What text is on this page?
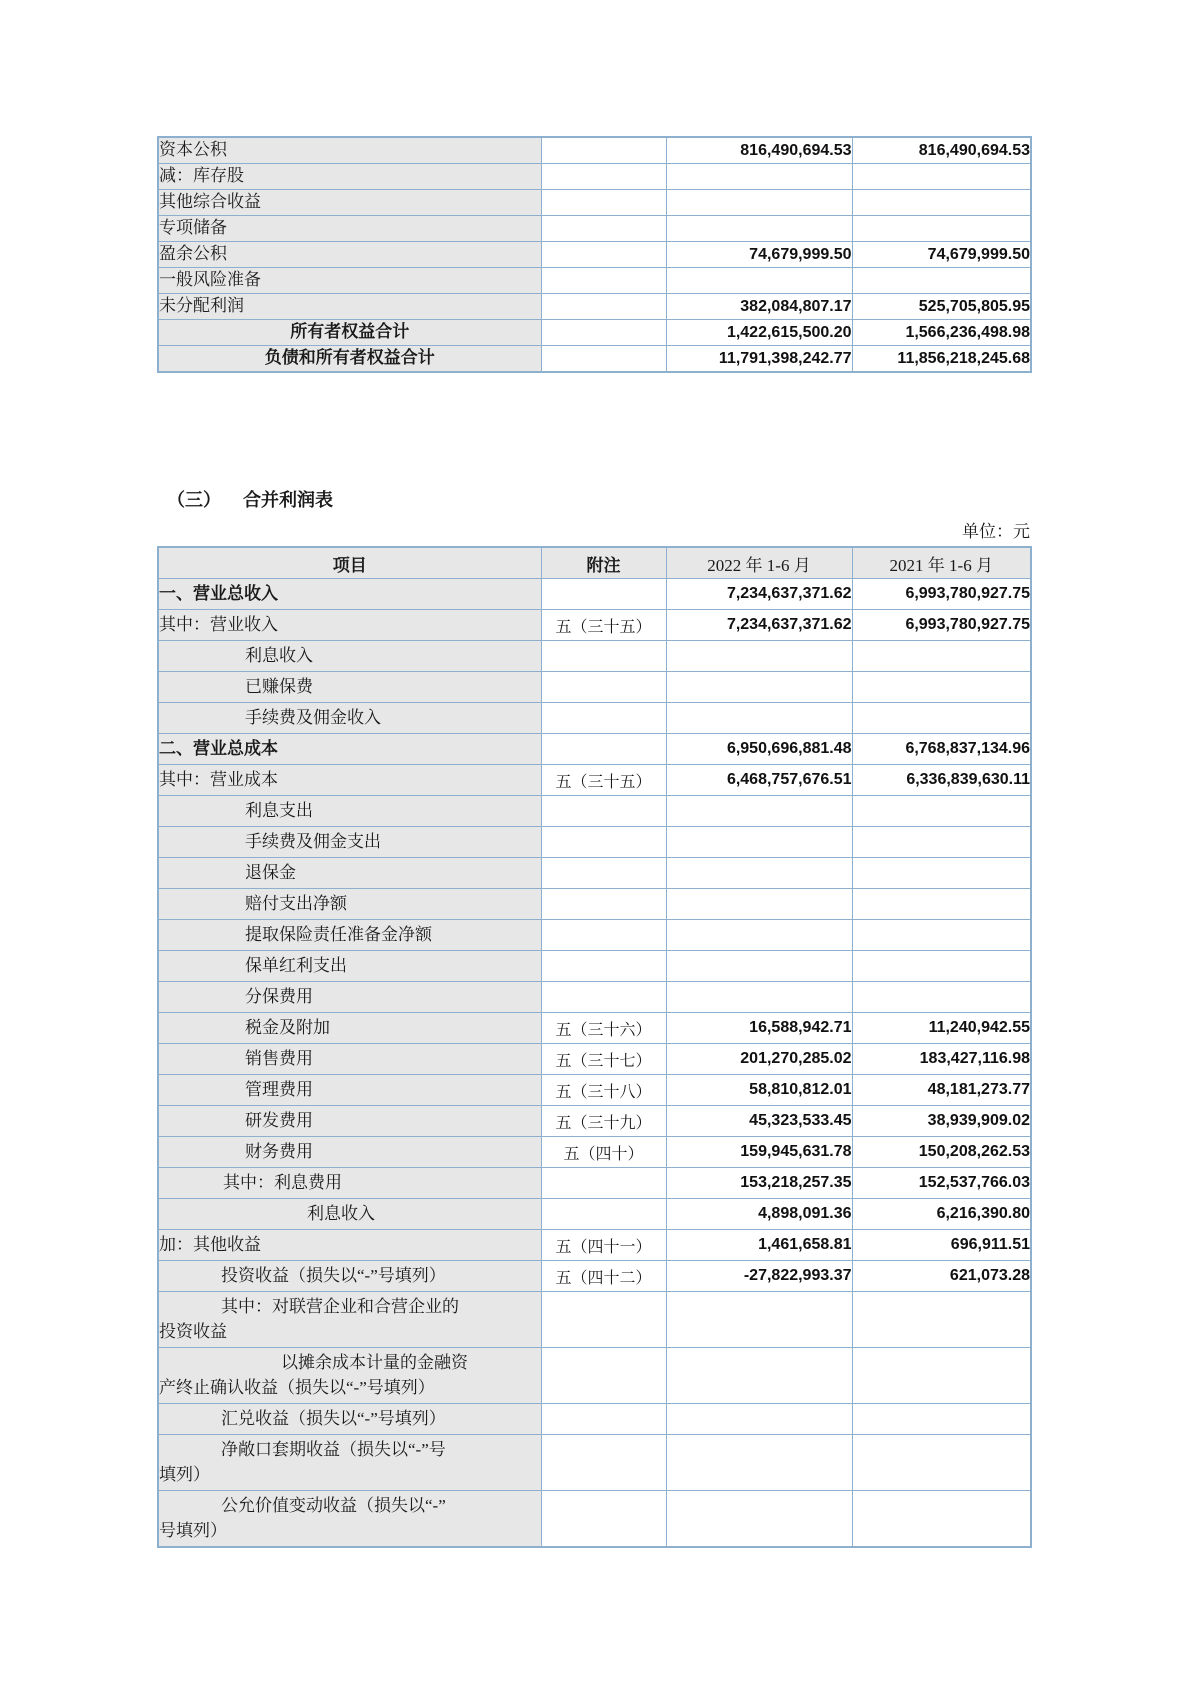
资本公积		816,490,694.53	816,490,694.53

减：库存股			

其他综合收益			

专项储备			

盈余公积		74,679,999.50	74,679,999.50

一般风险准备			

未分配利润		382,084,807.17	525,705,805.95

所有者权益合计		1,422,615,500.20	1,566,236,498.98

负债和所有者权益合计		11,791,398,242.77	11,856,218,245.68
（三） 合并利润表
单位：元
项目	附注	2022 年 1-6 月	2021 年 1-6 月

一、营业总收入		7,234,637,371.62	6,993,780,927.75

其中：营业收入	五（三十五）	7,234,637,371.62	6,993,780,927.75

利息收入			

已赚保费			

手续费及佣金收入			

二、营业总成本		6,950,696,881.48	6,768,837,134.96

其中：营业成本	五（三十五）	6,468,757,676.51	6,336,839,630.11

利息支出			

手续费及佣金支出			

退保金			

赔付支出净额			

提取保险责任准备金净额			

保单红利支出			

分保费用			

税金及附加	五（三十六）	16,588,942.71	11,240,942.55

销售费用	五（三十七）	201,270,285.02	183,427,116.98

管理费用	五（三十八）	58,810,812.01	48,181,273.77

研发费用	五（三十九）	45,323,533.45	38,939,909.02

财务费用	五（四十）	159,945,631.78	150,208,262.53

其中：利息费用		153,218,257.35	152,537,766.03

利息收入		4,898,091.36	6,216,390.80

加：其他收益	五（四十一）	1,461,658.81	696,911.51

投资收益（损失以“-”号填列）	五（四十二）	-27,822,993.37	621,073.28

其中：对联营企业和合营企业的
投资收益			

以摊余成本计量的金融资
产终止确认收益（损失以“-”号填列）			

汇兑收益（损失以“-”号填列）			

净敞口套期收益（损失以“-”号
填列）			

公允价值变动收益（损失以“-”
号填列）			
